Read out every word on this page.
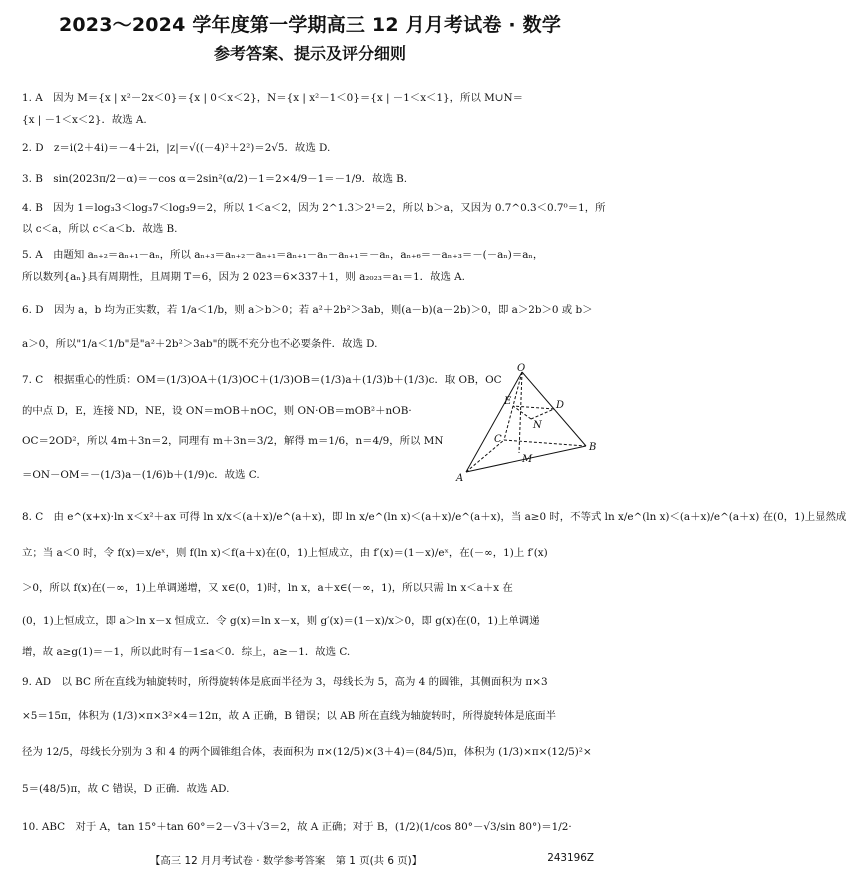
2023～2024 学年度第一学期高三 12 月月考试卷 · 数学
参考答案、提示及评分细则
1. A　因为 M＝{x | x²－2x＜0}＝{x | 0＜x＜2}，N＝{x | x²－1＜0}＝{x | －1＜x＜1}，所以 M∪N＝
{x | －1＜x＜2}．故选 A.
2. D　z＝i(2＋4i)＝－4＋2i，|z|＝√((－4)²＋2²)＝2√5．故选 D.
3. B　sin(2023π/2－α)＝－cos α＝2sin²(α/2)－1＝2×4/9－1＝－1/9．故选 B.
4. B　因为 1＝log₃3＜log₃7＜log₃9＝2，所以 1＜a＜2，因为 2^1.3＞2¹＝2，所以 b＞a，又因为 0.7^0.3＜0.7⁰＝1，所
以 c＜a，所以 c＜a＜b．故选 B.
5. A　由题知 aₙ₊₂＝aₙ₊₁－aₙ，所以 aₙ₊₃＝aₙ₊₂－aₙ₊₁＝aₙ₊₁－aₙ－aₙ₊₁＝－aₙ，aₙ₊₆＝－aₙ₊₃＝－(－aₙ)＝aₙ，
所以数列{aₙ}具有周期性，且周期 T＝6，因为 2 023＝6×337＋1，则 a₂₀₂₃＝a₁＝1．故选 A.
6. D　因为 a，b 均为正实数，若 1/a＜1/b，则 a＞b＞0；若 a²＋2b²＞3ab，则(a－b)(a－2b)＞0，即 a＞2b＞0 或 b＞
a＞0，所以"1/a＜1/b"是"a²＋2b²＞3ab"的既不充分也不必要条件．故选 D.
7. C　根据重心的性质：OM＝(1/3)OA＋(1/3)OC＋(1/3)OB＝(1/3)a＋(1/3)b＋(1/3)c．取 OB，OC
的中点 D，E，连接 ND，NE，设 ON＝mOB＋nOC，则 ON·OB＝mOB²＋nOB·
OC＝2OD²，所以 4m＋3n＝2，同理有 m＋3n＝3/2，解得 m＝1/6，n＝4/9，所以 MN
＝ON－OM＝－(1/3)a－(1/6)b＋(1/9)c．故选 C.
8. C　由 e^(x+x)·ln x＜x²＋ax 可得 ln x/x＜(a＋x)/e^(a＋x)，即 ln x/e^(ln x)＜(a＋x)/e^(a＋x)，当 a≥0 时，不等式 ln x/e^(ln x)＜(a＋x)/e^(a＋x) 在(0，1)上显然成
立；当 a＜0 时，令 f(x)＝x/eˣ，则 f(ln x)＜f(a＋x)在(0，1)上恒成立，由 f′(x)＝(1－x)/eˣ，在(－∞，1)上 f′(x)
＞0，所以 f(x)在(－∞，1)上单调递增，又 x∈(0，1)时，ln x，a＋x∈(－∞，1)，所以只需 ln x＜a＋x 在
(0，1)上恒成立，即 a＞ln x－x 恒成立．令 g(x)＝ln x－x，则 g′(x)＝(1－x)/x＞0，即 g(x)在(0，1)上单调递
增，故 a≥g(1)＝－1，所以此时有－1≤a＜0．综上，a≥－1．故选 C.
9. AD　以 BC 所在直线为轴旋转时，所得旋转体是底面半径为 3，母线长为 5，高为 4 的圆锥，其侧面积为 π×3
×5＝15π，体积为 (1/3)×π×3²×4＝12π，故 A 正确，B 错误；以 AB 所在直线为轴旋转时，所得旋转体是底面半
径为 12/5，母线长分别为 3 和 4 的两个圆锥组合体，表面积为 π×(12/5)×(3＋4)＝(84/5)π，体积为 (1/3)×π×(12/5)²×
5＝(48/5)π，故 C 错误，D 正确．故选 AD.
10. ABC　对于 A，tan 15°＋tan 60°＝2－√3＋√3＝2，故 A 正确；对于 B，(1/2)(1/cos 80°－√3/sin 80°)＝1/2·
O
A
B
C
D
E
N
M
【高三 12 月月考试卷 · 数学参考答案　第 1 页(共 6 页)】	243196Z
